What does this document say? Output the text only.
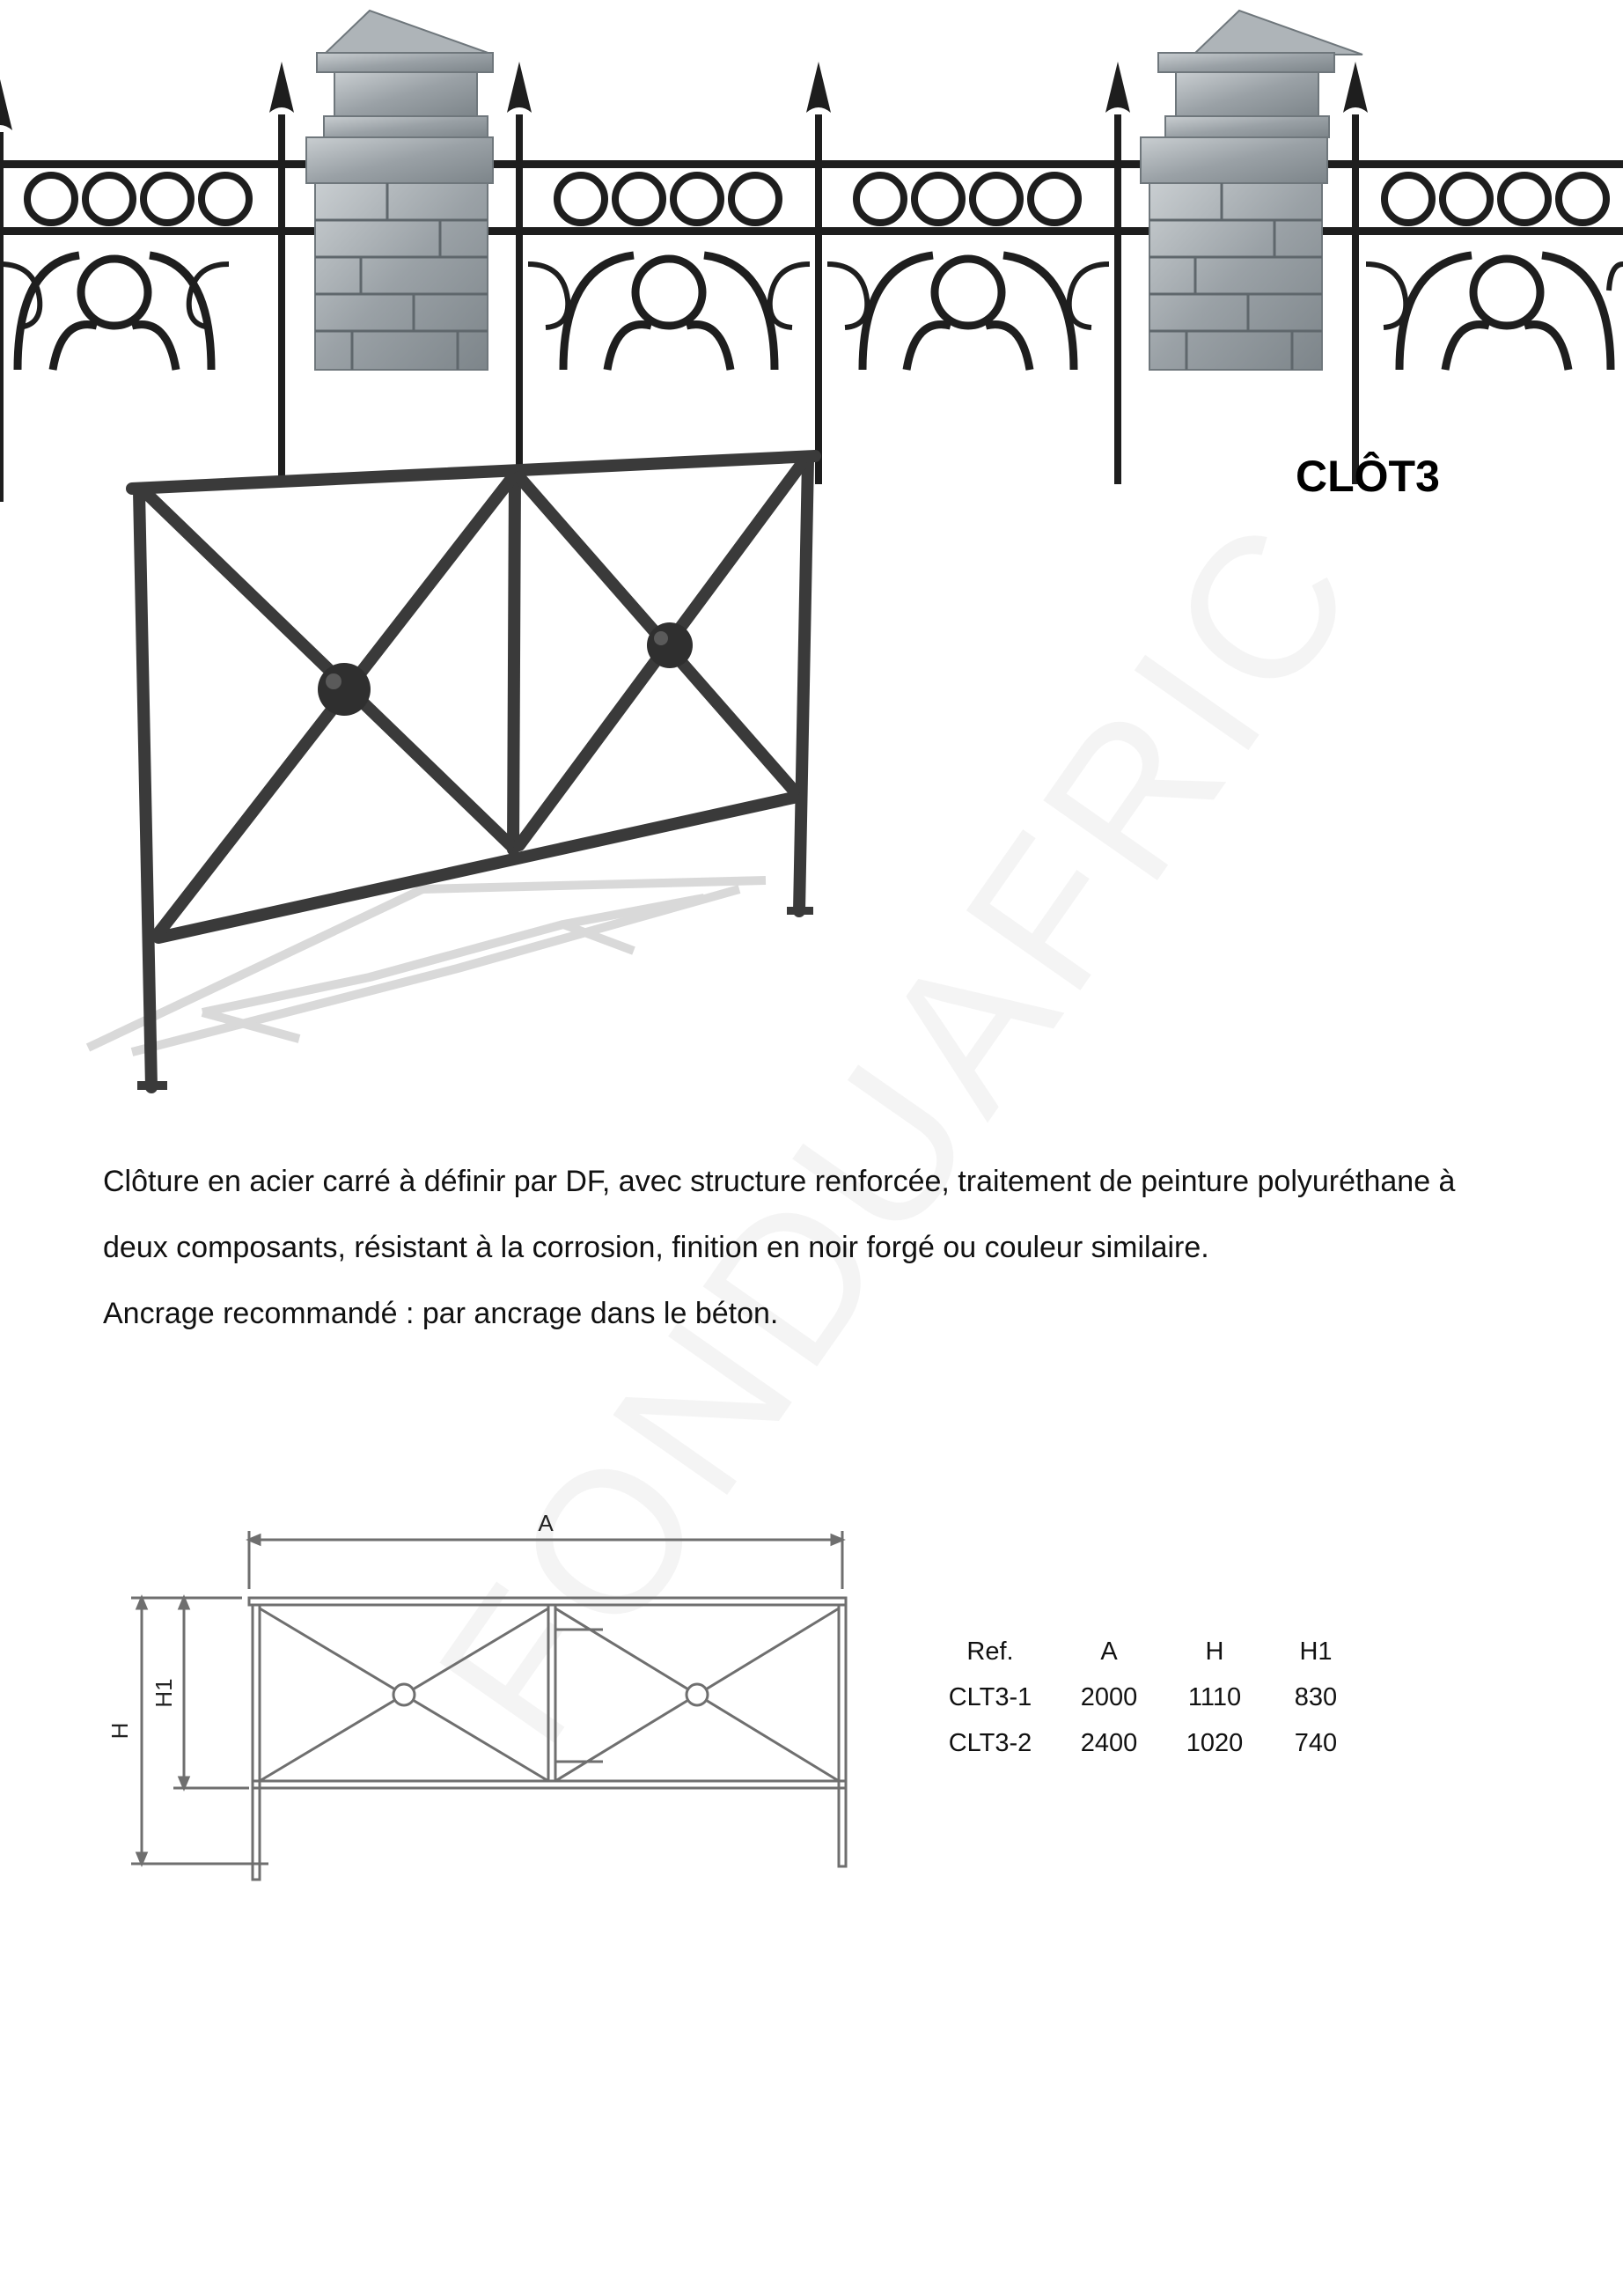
CLÔT3

Clôture en acier carré à définir par DF, avec structure renforcée, traitement de peinture polyuréthane à deux composants, résistant à la corrosion, finition en noir forgé ou couleur similaire.

Ancrage recommandé : par ancrage dans le béton.

A
H
H1
Ref.	A	H	H1
CLT3-1	2000	1110	830
CLT3-2	2400	1020	740
